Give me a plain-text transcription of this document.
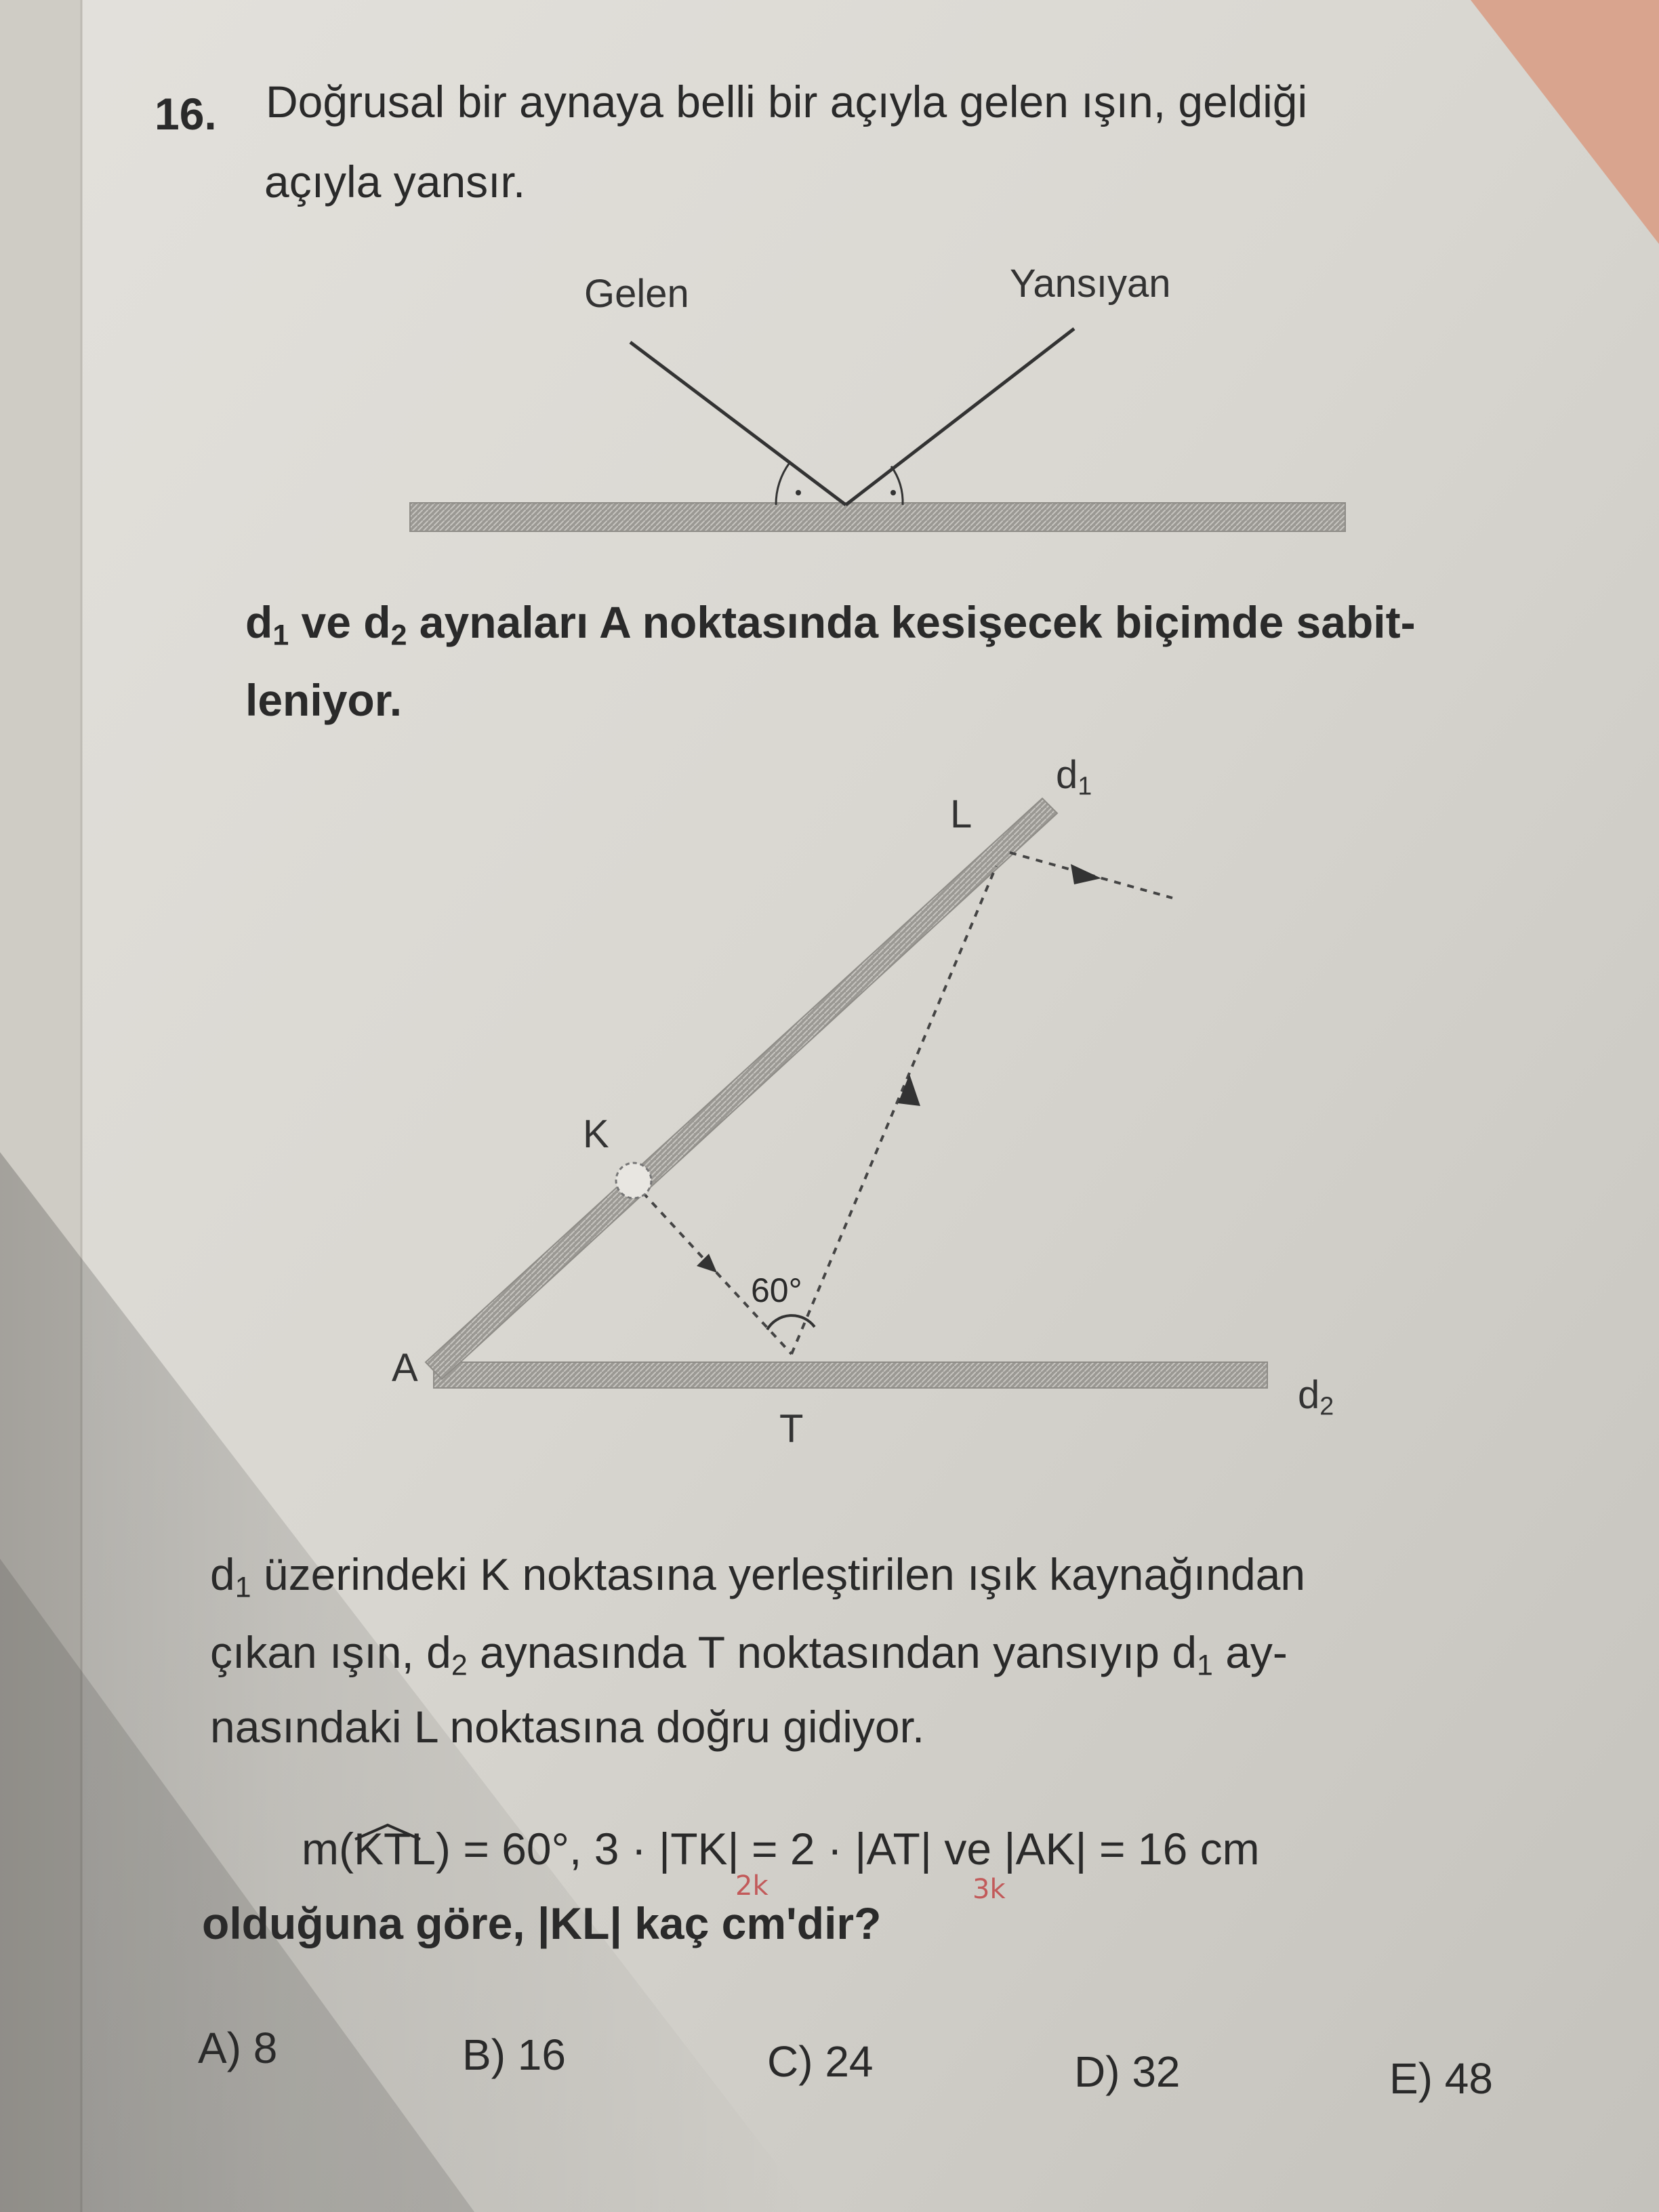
16. Doğrusal bir aynaya belli bir açıyla gelen ışın, geldiği
açıyla yansır.
Gelen	Yansıyan
$d_1$ ve $d_2$ aynaları A noktasında kesişecek biçimde sabit-
leniyor.
A
K
L
T
$d_1$
$d_2$
60°
$d_1$ üzerindeki K noktasına yerleştirilen ışık kaynağından
çıkan ışın, $d_2$ aynasında T noktasından yansıyıp $d_1$ ay-
nasındaki L noktasına doğru gidiyor.
m(
KTL) = 60°, 3 · |TK| = 2 · |AT| ve |AK| = 16 cm
2k	3k
olduğuna göre, |KL| kaç cm'dir?
A) 8	B) 16	C) 24	D) 32	E) 48
